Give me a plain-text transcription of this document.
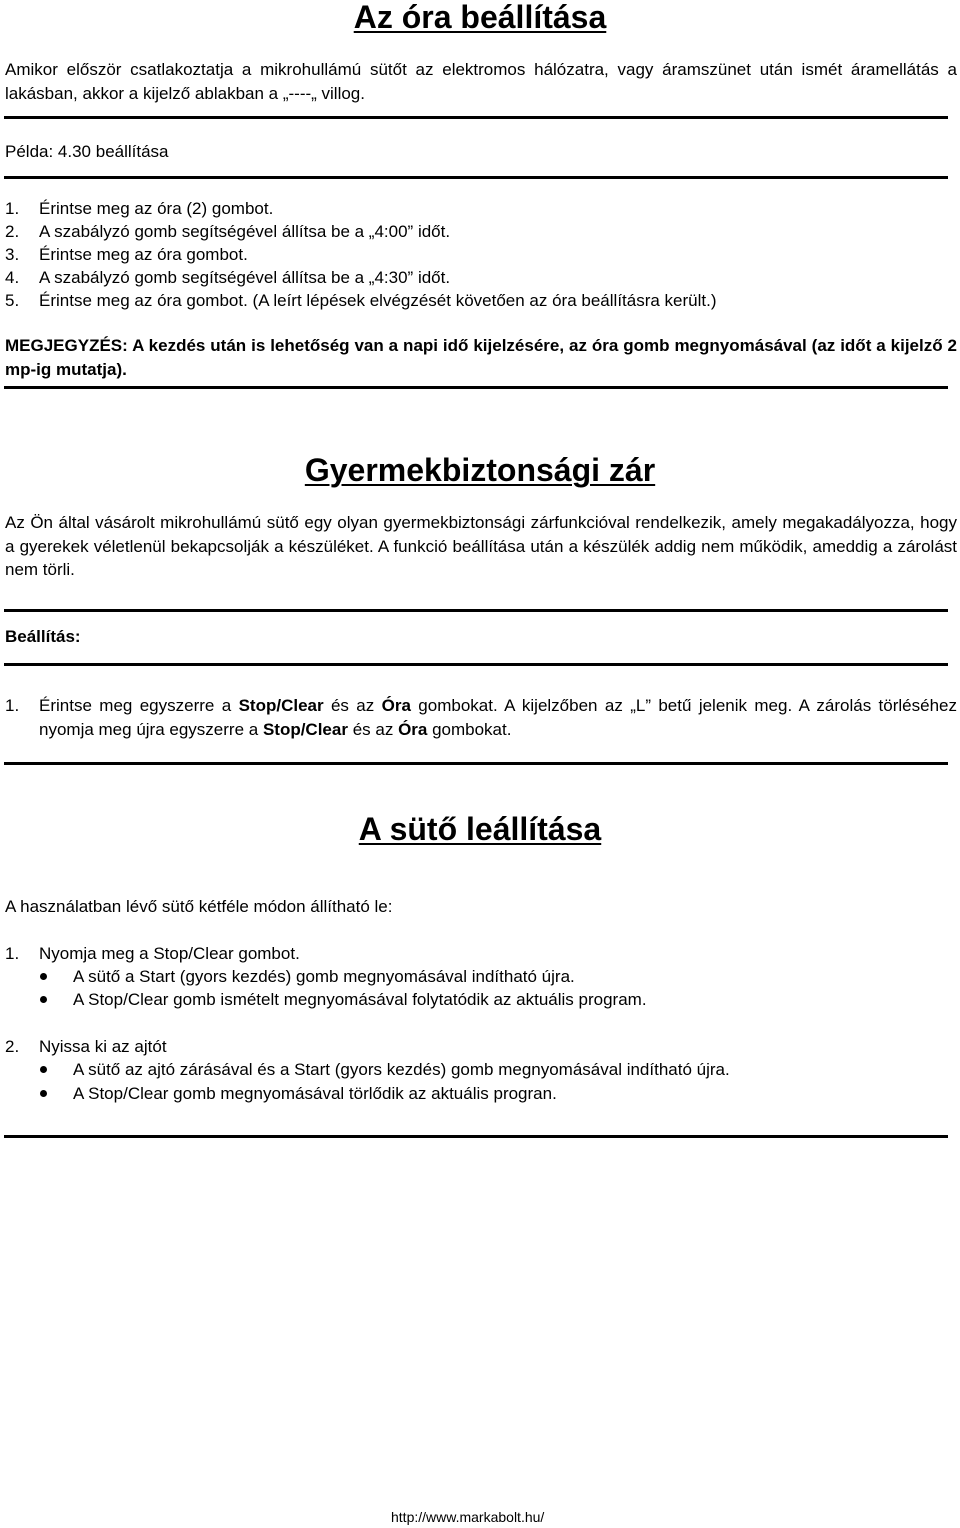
Az óra beállítása
Amikor először csatlakoztatja a mikrohullámú sütőt az elektromos hálózatra, vagy áramszünet után ismét áramellátás a lakásban, akkor a kijelző ablakban a „----„ villog.
Példa: 4.30 beállítása
1. Érintse meg az óra (2) gombot.
2. A szabályzó gomb segítségével állítsa be a „4:00” időt.
3. Érintse meg az óra gombot.
4. A szabályzó gomb segítségével állítsa be a „4:30” időt.
5. Érintse meg az óra gombot. (A leírt lépések elvégzését követően az óra beállításra került.)
MEGJEGYZÉS: A kezdés után is lehetőség van a napi idő kijelzésére, az óra gomb megnyomásával (az időt a kijelző 2 mp-ig mutatja).
Gyermekbiztonsági zár
Az Ön által vásárolt mikrohullámú sütő egy olyan gyermekbiztonsági zárfunkcióval rendelkezik, amely megakadályozza, hogy a gyerekek véletlenül bekapcsolják a készüléket. A funkció beállítása után a készülék addig nem működik, ameddig a zárolást nem törli.
Beállítás:
1. Érintse meg egyszerre a Stop/Clear és az Óra gombokat. A kijelzőben az „L” betű jelenik meg. A zárolás törléséhez nyomja meg újra egyszerre a Stop/Clear és az Óra gombokat.
A sütő leállítása
A használatban lévő sütő kétféle módon állítható le:
1. Nyomja meg a Stop/Clear gombot.
A sütő a Start (gyors kezdés) gomb megnyomásával indítható újra.
A Stop/Clear gomb ismételt megnyomásával folytatódik az aktuális program.
2. Nyissa ki az ajtót
A sütő az ajtó zárásával és a Start (gyors kezdés) gomb megnyomásával indítható újra.
A Stop/Clear gomb megnyomásával törlődik az aktuális progran.
http://www.markabolt.hu/
